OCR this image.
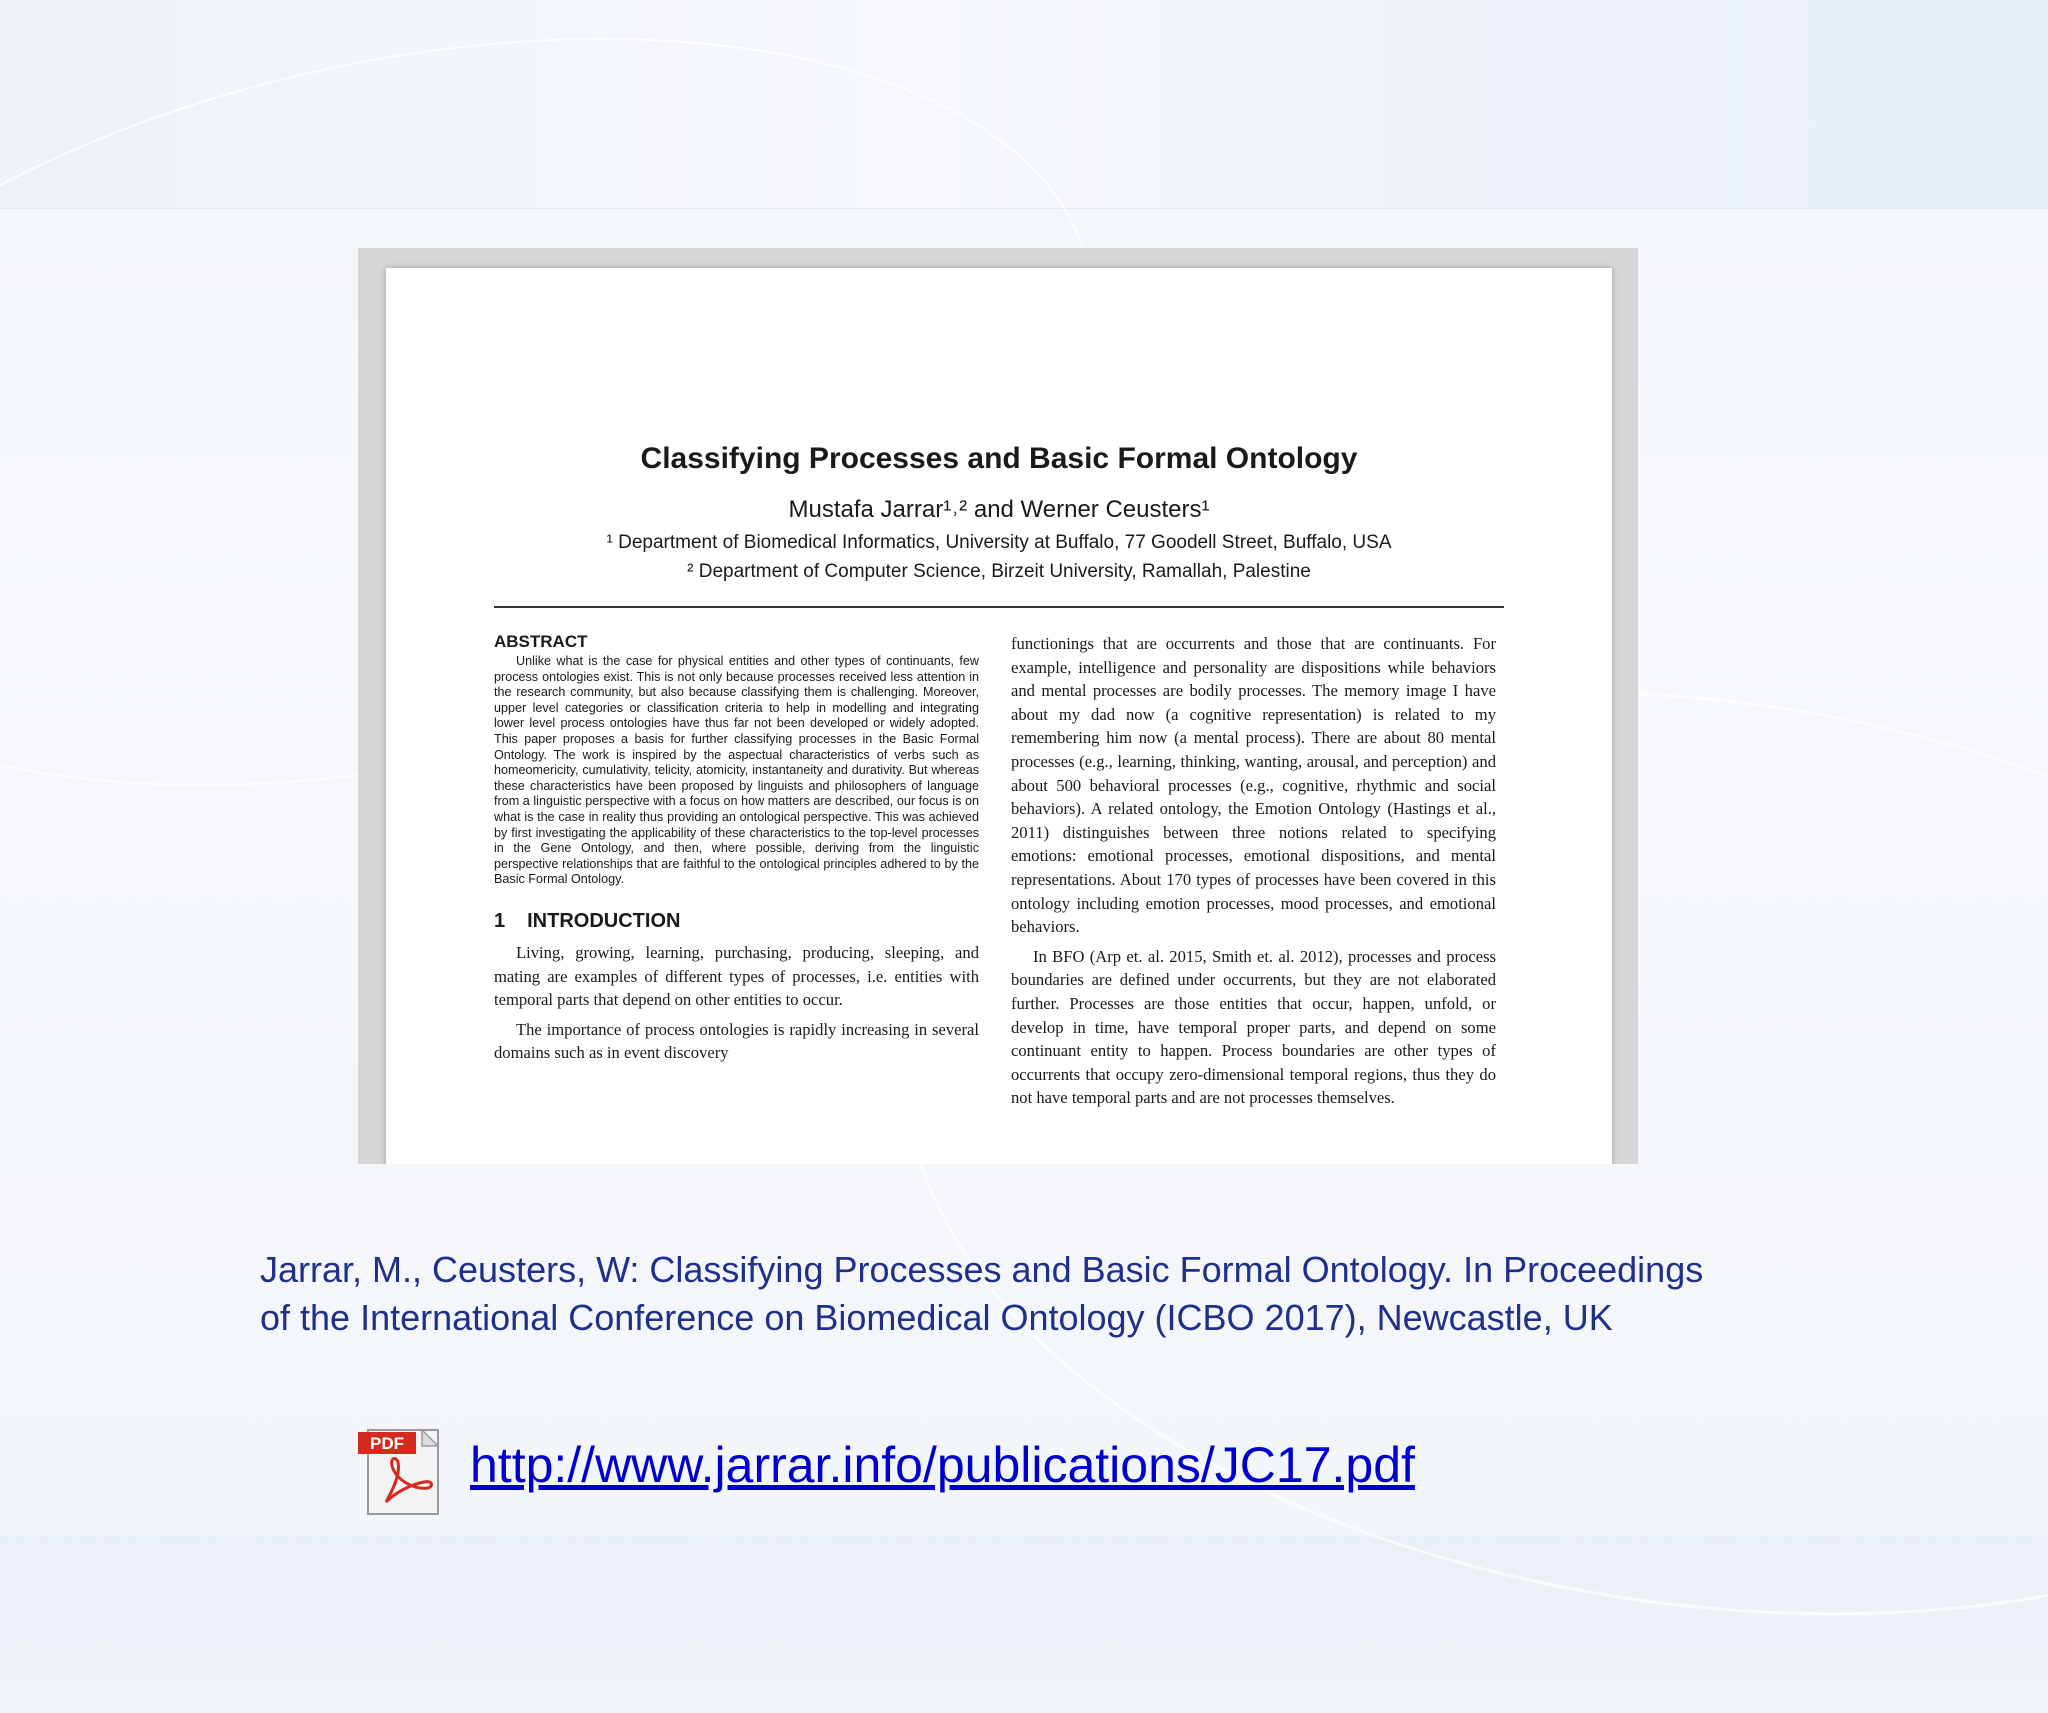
Classifying Processes and Basic Formal Ontology
Mustafa Jarrar¹˒² and Werner Ceusters¹
¹ Department of Biomedical Informatics, University at Buffalo, 77 Goodell Street, Buffalo, USA
² Department of Computer Science, Birzeit University, Ramallah, Palestine
ABSTRACT

Unlike what is the case for physical entities and other types of continuants, few process ontologies exist. This is not only because processes received less attention in the research community, but also because classifying them is challenging. Moreover, upper level categories or classification criteria to help in modelling and integrating lower level process ontologies have thus far not been developed or widely adopted. This paper proposes a basis for further classifying processes in the Basic Formal Ontology. The work is inspired by the aspectual characteristics of verbs such as homeomericity, cumulativity, telicity, atomicity, instantaneity and durativity. But whereas these characteristics have been proposed by linguists and philosophers of language from a linguistic perspective with a focus on how matters are described, our focus is on what is the case in reality thus providing an ontological perspective. This was achieved by first investigating the applicability of these characteristics to the top-level processes in the Gene Ontology, and then, where possible, deriving from the linguistic perspective relationships that are faithful to the ontological principles adhered to by the Basic Formal Ontology.

1 INTRODUCTION

Living, growing, learning, purchasing, producing, sleeping, and mating are examples of different types of processes, i.e. entities with temporal parts that depend on other entities to occur.

The importance of process ontologies is rapidly increasing in several domains such as in event discovery

functionings that are occurrents and those that are continuants. For example, intelligence and personality are dispositions while behaviors and mental processes are bodily processes. The memory image I have about my dad now (a cognitive representation) is related to my remembering him now (a mental process). There are about 80 mental processes (e.g., learning, thinking, wanting, arousal, and perception) and about 500 behavioral processes (e.g., cognitive, rhythmic and social behaviors). A related ontology, the Emotion Ontology (Hastings et al., 2011) distinguishes between three notions related to specifying emotions: emotional processes, emotional dispositions, and mental representations. About 170 types of processes have been covered in this ontology including emotion processes, mood processes, and emotional behaviors.

In BFO (Arp et. al. 2015, Smith et. al. 2012), processes and process boundaries are defined under occurrents, but they are not elaborated further. Processes are those entities that occur, happen, unfold, or develop in time, have temporal proper parts, and depend on some continuant entity to happen. Process boundaries are other types of occurrents that occupy zero-dimensional temporal regions, thus they do not have temporal parts and are not processes themselves.

Jarrar, M., Ceusters, W: Classifying Processes and Basic Formal Ontology. In Proceedings
of the International Conference on Biomedical Ontology (ICBO 2017), Newcastle, UK
PDF http://www.jarrar.info/publications/JC17.pdf
